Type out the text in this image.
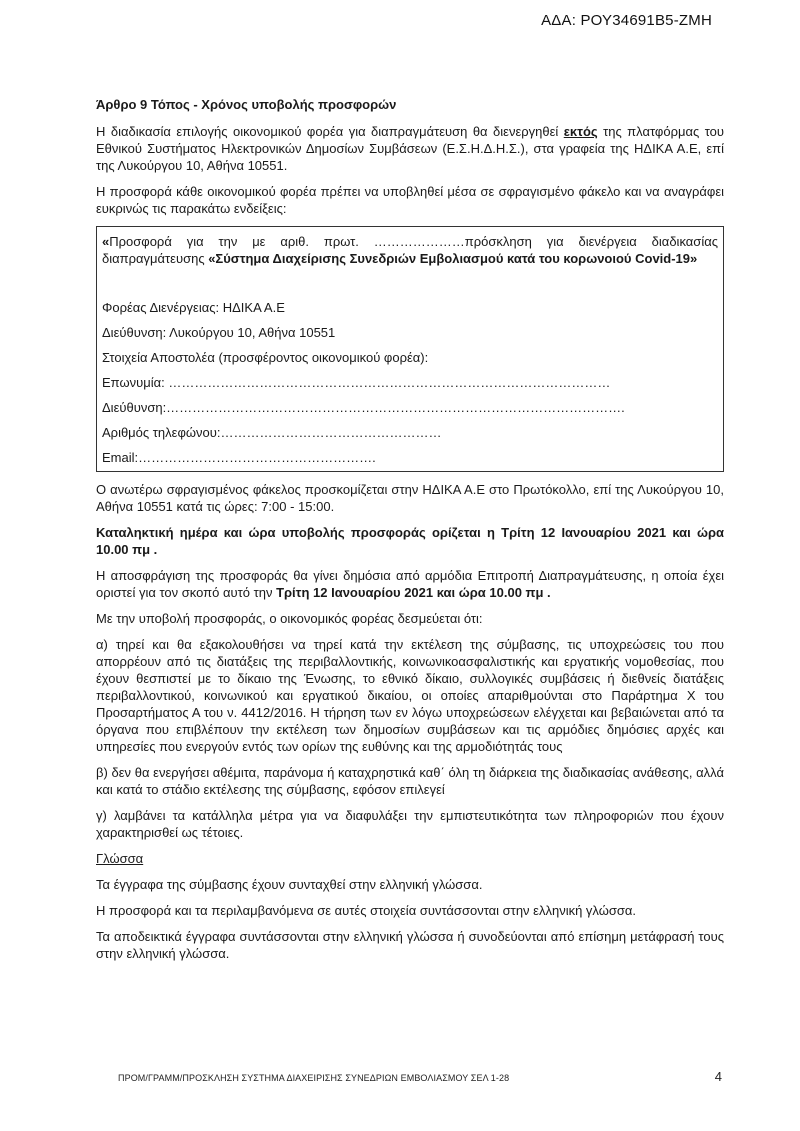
ΑΔΑ: ΡΟΥ34691Β5-ΖΜΗ

Άρθρο 9 Τόπος - Χρόνος υποβολής προσφορών

Η διαδικασία επιλογής οικονομικού φορέα για διαπραγμάτευση θα διενεργηθεί εκτός της πλατφόρμας του Εθνικού Συστήματος Ηλεκτρονικών Δημοσίων Συμβάσεων (Ε.Σ.Η.Δ.Η.Σ.), στα γραφεία της ΗΔΙΚΑ Α.Ε, επί της Λυκούργου 10, Αθήνα 10551.

Η προσφορά κάθε οικονομικού φορέα πρέπει να υποβληθεί μέσα σε σφραγισμένο φάκελο και να αναγράφει ευκρινώς τις παρακάτω ενδείξεις:

«Προσφορά για την με αριθ. πρωτ. …………………πρόσκληση για διενέργεια διαδικασίας διαπραγμάτευσης «Σύστημα Διαχείρισης Συνεδριών Εμβολιασμού κατά του κορωνοιού Covid-19»

Φορέας Διενέργειας: ΗΔΙΚΑ Α.Ε
Διεύθυνση: Λυκούργου 10, Αθήνα 10551
Στοιχεία Αποστολέα (προσφέροντος οικονομικού φορέα):
Επωνυμία: …………………………………………………………………………………………
Διεύθυνση:…………………………………………………………………………………………….
Αριθμός τηλεφώνου:……………………………………………
Email:……………………………………………….

Ο ανωτέρω σφραγισμένος φάκελος προσκομίζεται στην ΗΔΙΚΑ Α.Ε στο Πρωτόκολλο, επί της Λυκούργου 10, Αθήνα 10551 κατά τις ώρες: 7:00 - 15:00.

Καταληκτική ημέρα και ώρα υποβολής προσφοράς ορίζεται η Τρίτη 12 Ιανουαρίου 2021 και ώρα 10.00 πμ .

Η αποσφράγιση της προσφοράς θα γίνει δημόσια από αρμόδια Επιτροπή Διαπραγμάτευσης, η οποία έχει οριστεί για τον σκοπό αυτό την Τρίτη 12 Ιανουαρίου 2021 και ώρα 10.00 πμ .

Με την υποβολή προσφοράς, ο οικονομικός φορέας δεσμεύεται ότι:

α) τηρεί και θα εξακολουθήσει να τηρεί κατά την εκτέλεση της σύμβασης, τις υποχρεώσεις του που απορρέουν από τις διατάξεις της περιβαλλοντικής, κοινωνικοασφαλιστικής και εργατικής νομοθεσίας, που έχουν θεσπιστεί με το δίκαιο της Ένωσης, το εθνικό δίκαιο, συλλογικές συμβάσεις ή διεθνείς διατάξεις περιβαλλοντικού, κοινωνικού και εργατικού δικαίου, οι οποίες απαριθμούνται στο Παράρτημα Χ του Προσαρτήματος Α του ν. 4412/2016. Η τήρηση των εν λόγω υποχρεώσεων ελέγχεται και βεβαιώνεται από τα όργανα που επιβλέπουν την εκτέλεση των δημοσίων συμβάσεων και τις αρμόδιες δημόσιες αρχές και υπηρεσίες που ενεργούν εντός των ορίων της ευθύνης και της αρμοδιότητάς τους

β) δεν θα ενεργήσει αθέμιτα, παράνομα ή καταχρηστικά καθ΄ όλη τη διάρκεια της διαδικασίας ανάθεσης, αλλά και κατά το στάδιο εκτέλεσης της σύμβασης, εφόσον επιλεγεί

γ) λαμβάνει τα κατάλληλα μέτρα για να διαφυλάξει την εμπιστευτικότητα των πληροφοριών που έχουν χαρακτηρισθεί ως τέτοιες.

Γλώσσα

Τα έγγραφα της σύμβασης έχουν συνταχθεί στην ελληνική γλώσσα.

Η προσφορά και τα περιλαμβανόμενα σε αυτές στοιχεία συντάσσονται στην ελληνική γλώσσα.

Τα αποδεικτικά έγγραφα συντάσσονται στην ελληνική γλώσσα ή συνοδεύονται από επίσημη μετάφρασή τους στην ελληνική γλώσσα.

ΠΡΟΜ/ΓΡΑΜΜ/ΠΡΟΣΚΛΗΣΗ ΣΥΣΤΗΜΑ ΔΙΑΧΕΙΡΙΣΗΣ ΣΥΝΕΔΡΙΩΝ ΕΜΒΟΛΙΑΣΜΟΥ ΣΕΛ 1-28	4
